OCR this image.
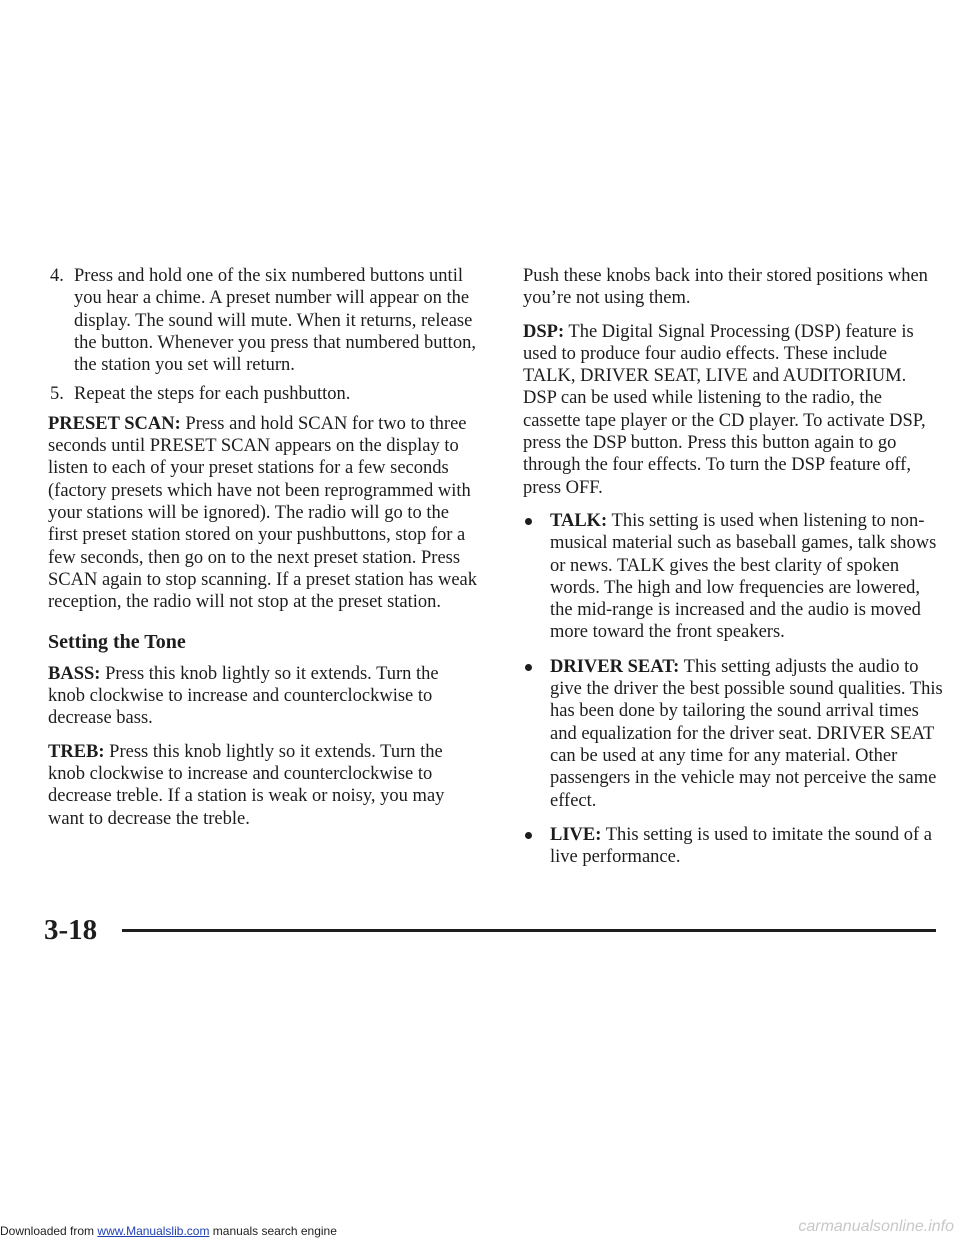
4. Press and hold one of the six numbered buttons until you hear a chime. A preset number will appear on the display. The sound will mute. When it returns, release the button. Whenever you press that numbered button, the station you set will return.

5. Repeat the steps for each pushbutton.

PRESET SCAN: Press and hold SCAN for two to three seconds until PRESET SCAN appears on the display to listen to each of your preset stations for a few seconds (factory presets which have not been reprogrammed with your stations will be ignored). The radio will go to the first preset station stored on your pushbuttons, stop for a few seconds, then go on to the next preset station. Press SCAN again to stop scanning. If a preset station has weak reception, the radio will not stop at the preset station.

Setting the Tone

BASS: Press this knob lightly so it extends. Turn the knob clockwise to increase and counterclockwise to decrease bass.

TREB: Press this knob lightly so it extends. Turn the knob clockwise to increase and counterclockwise to decrease treble. If a station is weak or noisy, you may want to decrease the treble.

Push these knobs back into their stored positions when you’re not using them.

DSP: The Digital Signal Processing (DSP) feature is used to produce four audio effects. These include TALK, DRIVER SEAT, LIVE and AUDITORIUM. DSP can be used while listening to the radio, the cassette tape player or the CD player. To activate DSP, press the DSP button. Press this button again to go through the four effects. To turn the DSP feature off, press OFF.

TALK: This setting is used when listening to non-musical material such as baseball games, talk shows or news. TALK gives the best clarity of spoken words. The high and low frequencies are lowered, the mid-range is increased and the audio is moved more toward the front speakers.

DRIVER SEAT: This setting adjusts the audio to give the driver the best possible sound qualities. This has been done by tailoring the sound arrival times and equalization for the driver seat. DRIVER SEAT can be used at any time for any material. Other passengers in the vehicle may not perceive the same effect.

LIVE: This setting is used to imitate the sound of a live performance.

3-18
Downloaded from www.Manualslib.com manuals search engine	carmanualsonline.info
